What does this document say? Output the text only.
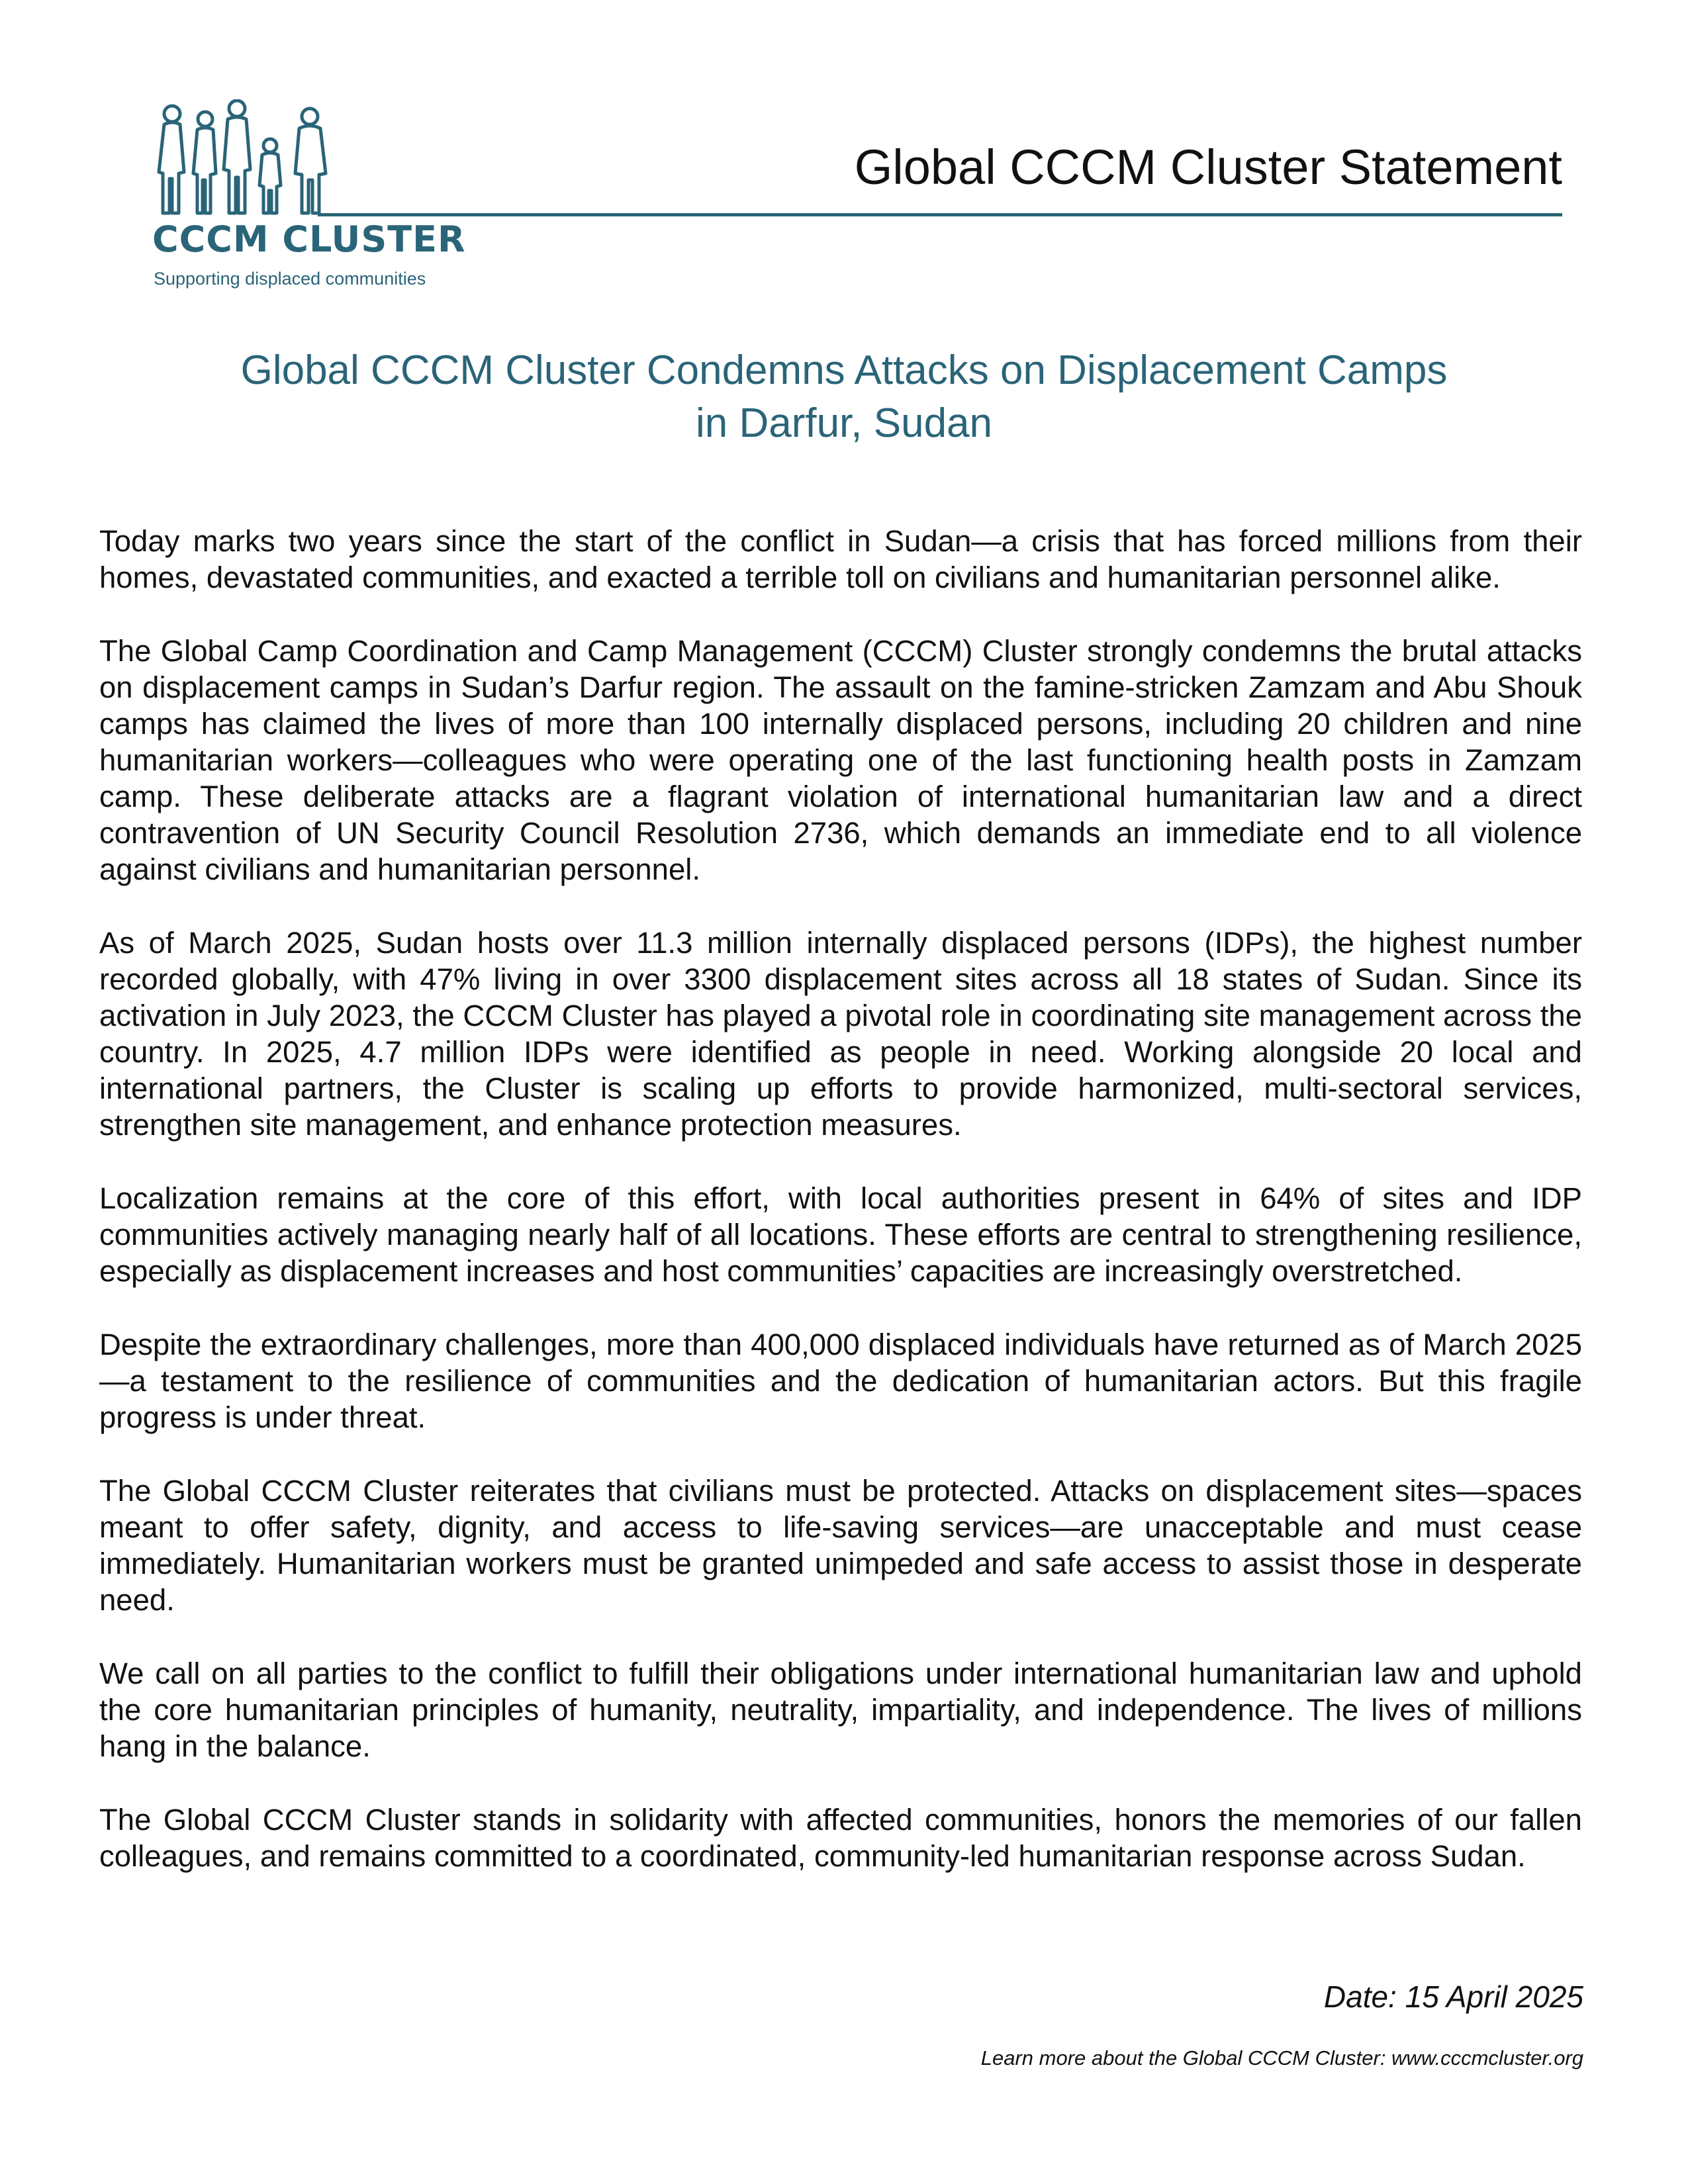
CCCM CLUSTER
Supporting displaced communities
Global CCCM Cluster Statement
Global CCCM Cluster Condemns Attacks on Displacement Camps
in Darfur, Sudan

Today marks two years since the start of the conflict in Sudan—a crisis that has forced millions from their homes, devastated communities, and exacted a terrible toll on civilians and humanitarian personnel alike.

The Global Camp Coordination and Camp Management (CCCM) Cluster strongly condemns the brutal attacks on displacement camps in Sudan’s Darfur region. The assault on the famine-stricken Zamzam and Abu Shouk camps has claimed the lives of more than 100 internally displaced persons, including 20 children and nine humanitarian workers—colleagues who were operating one of the last functioning health posts in Zamzam camp. These deliberate attacks are a flagrant violation of international humanitarian law and a direct contravention of UN Security Council Resolution 2736, which demands an immediate end to all violence against civilians and humanitarian personnel.

As of March 2025, Sudan hosts over 11.3 million internally displaced persons (IDPs), the highest number recorded globally, with 47% living in over 3300 displacement sites across all 18 states of Sudan. Since its activation in July 2023, the CCCM Cluster has played a pivotal role in coordinating site management across the country. In 2025, 4.7 million IDPs were identified as people in need. Working alongside 20 local and international partners, the Cluster is scaling up efforts to provide harmonized, multi-sectoral services, strengthen site management, and enhance protection measures.

Localization remains at the core of this effort, with local authorities present in 64% of sites and IDP communities actively managing nearly half of all locations. These efforts are central to strengthening resilience, especially as displacement increases and host communities’ capacities are increasingly overstretched.

Despite the extraordinary challenges, more than 400,000 displaced individuals have returned as of March 2025—a testament to the resilience of communities and the dedication of humanitarian actors. But this fragile progress is under threat.

The Global CCCM Cluster reiterates that civilians must be protected. Attacks on displacement sites—spaces meant to offer safety, dignity, and access to life-saving services—are unacceptable and must cease immediately. Humanitarian workers must be granted unimpeded and safe access to assist those in desperate need.

We call on all parties to the conflict to fulfill their obligations under international humanitarian law and uphold the core humanitarian principles of humanity, neutrality, impartiality, and independence. The lives of millions hang in the balance.

The Global CCCM Cluster stands in solidarity with affected communities, honors the memories of our fallen colleagues, and remains committed to a coordinated, community-led humanitarian response across Sudan.

Date: 15 April 2025
Learn more about the Global CCCM Cluster: www.cccmcluster.org
